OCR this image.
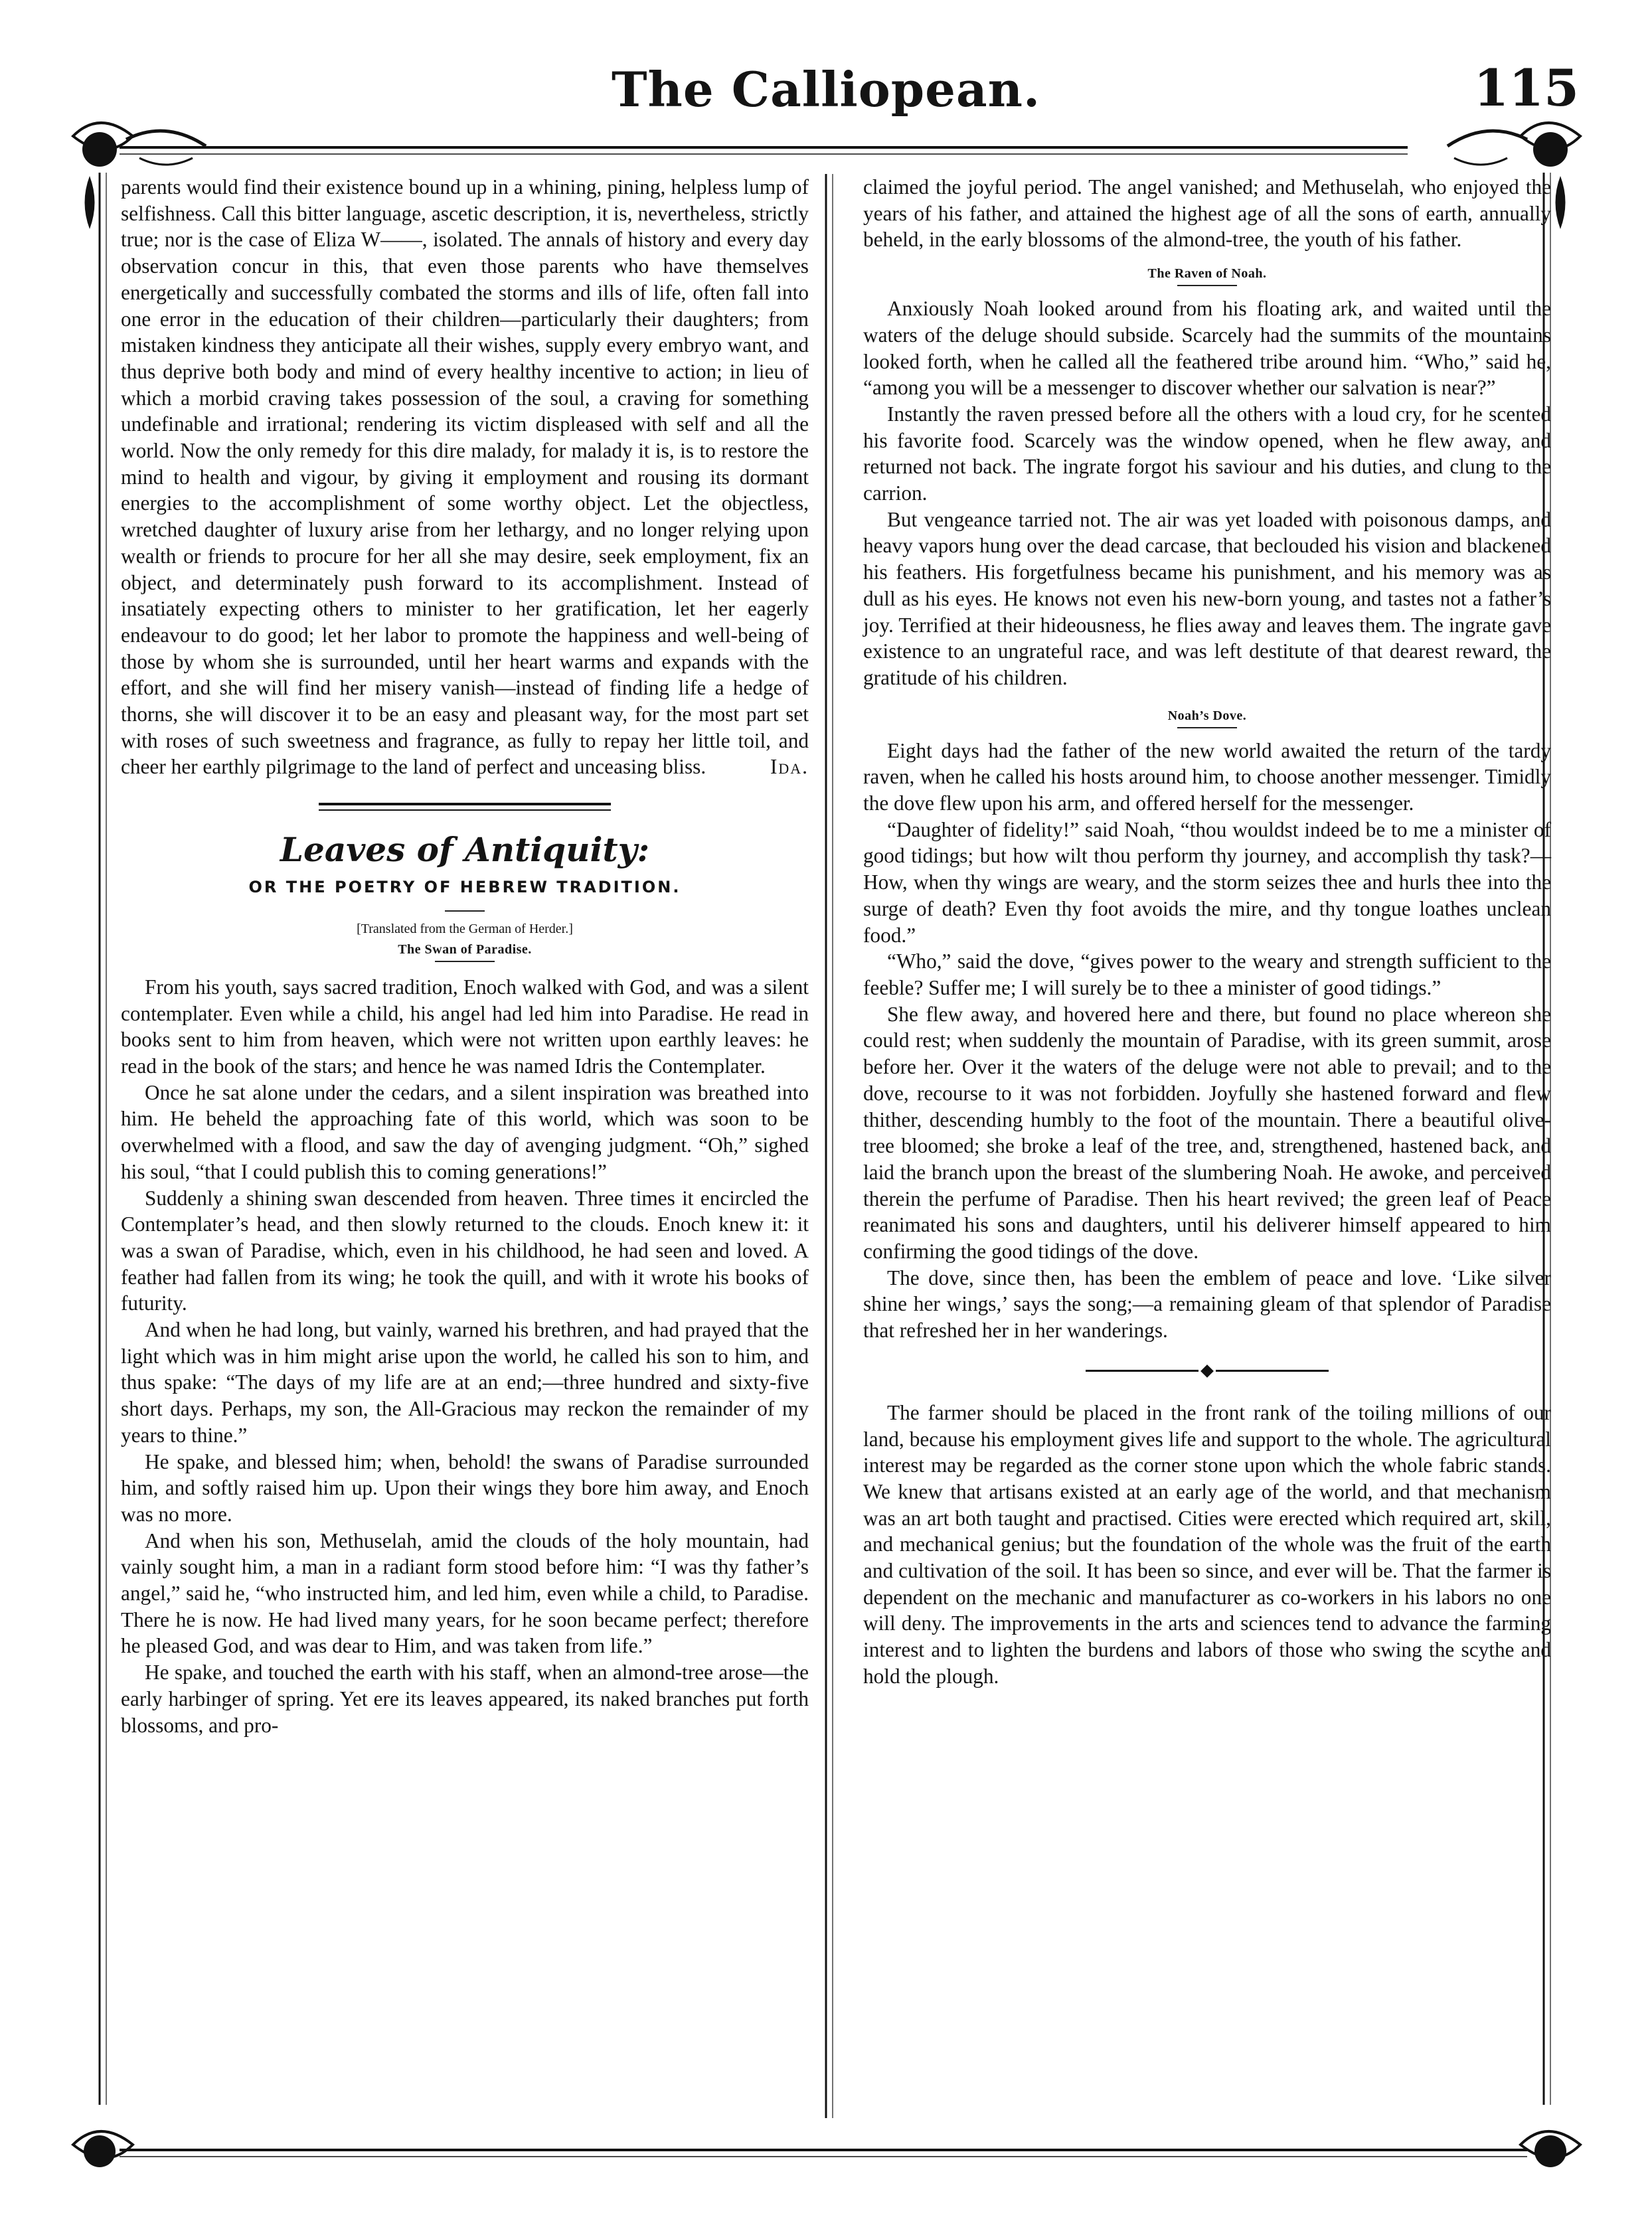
The Calliopean.	115

parents would find their existence bound up in a whining, pining, helpless lump of selfishness. Call this bitter language, ascetic description, it is, nevertheless, strictly true; nor is the case of Eliza W——, isolated. The annals of history and every day observation concur in this, that even those parents who have themselves energetically and successfully combated the storms and ills of life, often fall into one error in the education of their children—particularly their daughters; from mistaken kindness they anticipate all their wishes, supply every embryo want, and thus deprive both body and mind of every healthy incentive to action; in lieu of which a morbid craving takes possession of the soul, a craving for something undefinable and irrational; rendering its victim displeased with self and all the world. Now the only remedy for this dire malady, for malady it is, is to restore the mind to health and vigour, by giving it employment and rousing its dormant energies to the accomplishment of some worthy object. Let the objectless, wretched daughter of luxury arise from her lethargy, and no longer relying upon wealth or friends to procure for her all she may desire, seek employment, fix an object, and determinately push forward to its accomplishment. Instead of insatiately expecting others to minister to her gratification, let her eagerly endeavour to do good; let her labor to promote the happiness and well-being of those by whom she is surrounded, until her heart warms and expands with the effort, and she will find her misery vanish—instead of finding life a hedge of thorns, she will discover it to be an easy and pleasant way, for the most part set with roses of such sweetness and fragrance, as fully to repay her little toil, and cheer her earthly pilgrimage to the land of perfect and unceasing bliss.	Ida.
Leaves of Antiquity:
OR THE POETRY OF HEBREW TRADITION.
[Translated from the German of Herder.]
The Swan of Paradise.

From his youth, says sacred tradition, Enoch walked with God, and was a silent contemplater. Even while a child, his angel had led him into Paradise. He read in books sent to him from heaven, which were not written upon earthly leaves: he read in the book of the stars; and hence he was named Idris the Contemplater.

Once he sat alone under the cedars, and a silent inspiration was breathed into him. He beheld the approaching fate of this world, which was soon to be overwhelmed with a flood, and saw the day of avenging judgment. “Oh,” sighed his soul, “that I could publish this to coming generations!”

Suddenly a shining swan descended from heaven. Three times it encircled the Contemplater’s head, and then slowly returned to the clouds. Enoch knew it: it was a swan of Paradise, which, even in his childhood, he had seen and loved. A feather had fallen from its wing; he took the quill, and with it wrote his books of futurity.

And when he had long, but vainly, warned his brethren, and had prayed that the light which was in him might arise upon the world, he called his son to him, and thus spake: “The days of my life are at an end;—three hundred and sixty-five short days. Perhaps, my son, the All-Gracious may reckon the remainder of my years to thine.”

He spake, and blessed him; when, behold! the swans of Paradise surrounded him, and softly raised him up. Upon their wings they bore him away, and Enoch was no more.

And when his son, Methuselah, amid the clouds of the holy mountain, had vainly sought him, a man in a radiant form stood before him: “I was thy father’s angel,” said he, “who instructed him, and led him, even while a child, to Paradise. There he is now. He had lived many years, for he soon became perfect; therefore he pleased God, and was dear to Him, and was taken from life.”

He spake, and touched the earth with his staff, when an almond-tree arose—the early harbinger of spring. Yet ere its leaves appeared, its naked branches put forth blossoms, and pro-

claimed the joyful period. The angel vanished; and Methuselah, who enjoyed the years of his father, and attained the highest age of all the sons of earth, annually beheld, in the early blossoms of the almond-tree, the youth of his father.

The Raven of Noah.

Anxiously Noah looked around from his floating ark, and waited until the waters of the deluge should subside. Scarcely had the summits of the mountains looked forth, when he called all the feathered tribe around him. “Who,” said he, “among you will be a messenger to discover whether our salvation is near?”

Instantly the raven pressed before all the others with a loud cry, for he scented his favorite food. Scarcely was the window opened, when he flew away, and returned not back. The ingrate forgot his saviour and his duties, and clung to the carrion.

But vengeance tarried not. The air was yet loaded with poisonous damps, and heavy vapors hung over the dead carcase, that beclouded his vision and blackened his feathers. His forgetfulness became his punishment, and his memory was as dull as his eyes. He knows not even his new-born young, and tastes not a father’s joy. Terrified at their hideousness, he flies away and leaves them. The ingrate gave existence to an ungrateful race, and was left destitute of that dearest reward, the gratitude of his children.

Noah’s Dove.

Eight days had the father of the new world awaited the return of the tardy raven, when he called his hosts around him, to choose another messenger. Timidly the dove flew upon his arm, and offered herself for the messenger.

“Daughter of fidelity!” said Noah, “thou wouldst indeed be to me a minister of good tidings; but how wilt thou perform thy journey, and accomplish thy task?—How, when thy wings are weary, and the storm seizes thee and hurls thee into the surge of death? Even thy foot avoids the mire, and thy tongue loathes unclean food.”

“Who,” said the dove, “gives power to the weary and strength sufficient to the feeble? Suffer me; I will surely be to thee a minister of good tidings.”

She flew away, and hovered here and there, but found no place whereon she could rest; when suddenly the mountain of Paradise, with its green summit, arose before her. Over it the waters of the deluge were not able to prevail; and to the dove, recourse to it was not forbidden. Joyfully she hastened forward and flew thither, descending humbly to the foot of the mountain. There a beautiful olive-tree bloomed; she broke a leaf of the tree, and, strengthened, hastened back, and laid the branch upon the breast of the slumbering Noah. He awoke, and perceived therein the perfume of Paradise. Then his heart revived; the green leaf of Peace reanimated his sons and daughters, until his deliverer himself appeared to him confirming the good tidings of the dove.

The dove, since then, has been the emblem of peace and love. ‘Like silver shine her wings,’ says the song;—a remaining gleam of that splendor of Paradise that refreshed her in her wanderings.

The farmer should be placed in the front rank of the toiling millions of our land, because his employment gives life and support to the whole. The agricultural interest may be regarded as the corner stone upon which the whole fabric stands. We knew that artisans existed at an early age of the world, and that mechanism was an art both taught and practised. Cities were erected which required art, skill, and mechanical genius; but the foundation of the whole was the fruit of the earth and cultivation of the soil. It has been so since, and ever will be. That the farmer is dependent on the mechanic and manufacturer as co-workers in his labors no one will deny. The improvements in the arts and sciences tend to advance the farming interest and to lighten the burdens and labors of those who swing the scythe and hold the plough.
